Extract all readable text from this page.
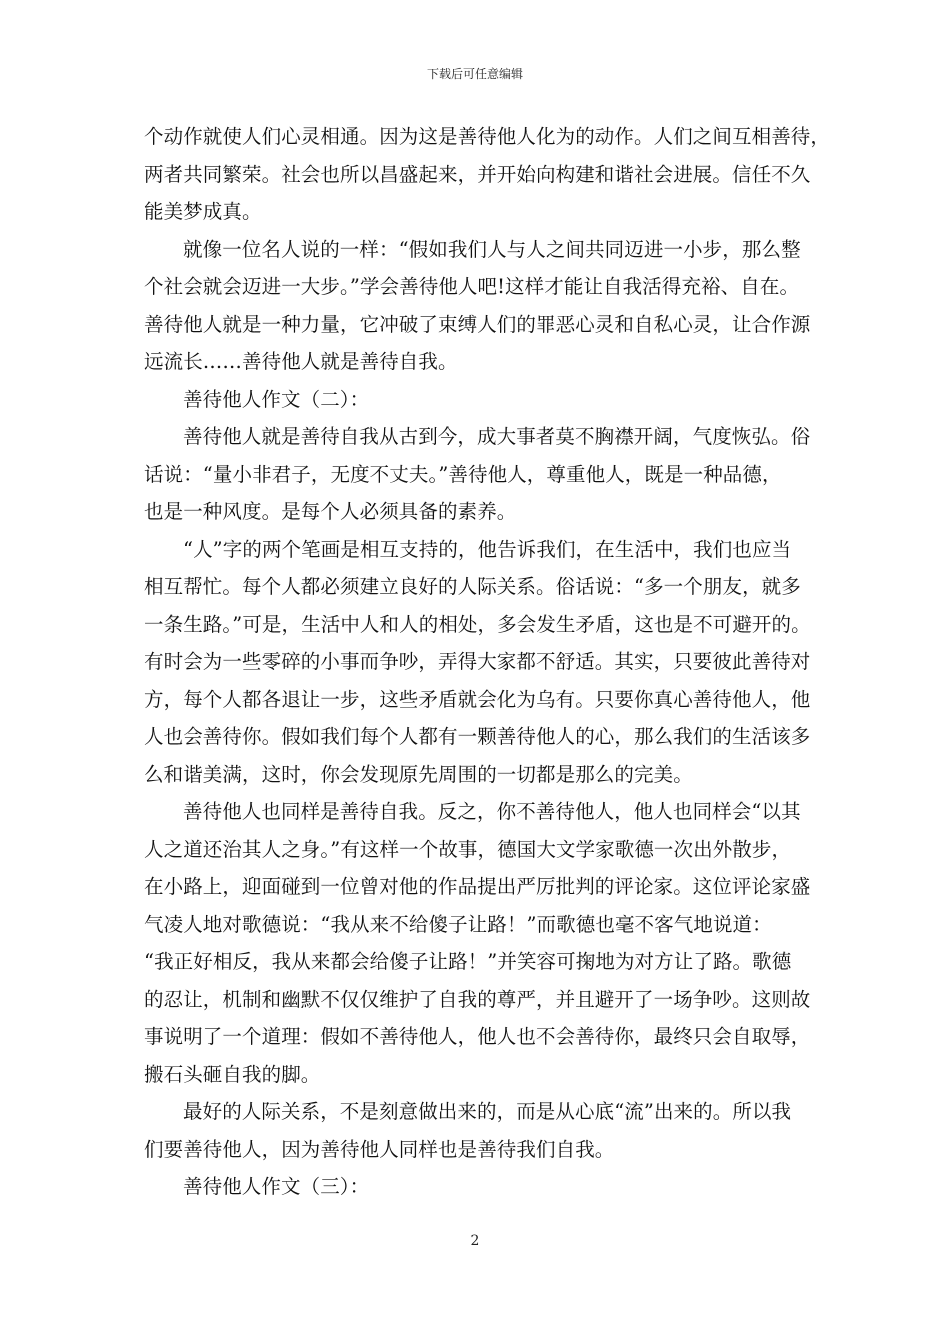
下载后可任意编辑
个动作就使人们心灵相通。因为这是善待他人化为的动作。人们之间互相善待，
两者共同繁荣。社会也所以昌盛起来，并开始向构建和谐社会进展。信任不久
能美梦成真。
就像一位名人说的一样：“假如我们人与人之间共同迈进一小步，那么整
个社会就会迈进一大步。”学会善待他人吧!这样才能让自我活得充裕、自在。
善待他人就是一种力量，它冲破了束缚人们的罪恶心灵和自私心灵，让合作源
远流长……善待他人就是善待自我。
善待他人作文（二）：
善待他人就是善待自我从古到今，成大事者莫不胸襟开阔，气度恢弘。俗
话说：“量小非君子，无度不丈夫。”善待他人，尊重他人，既是一种品德，
也是一种风度。是每个人必须具备的素养。
“人”字的两个笔画是相互支持的，他告诉我们，在生活中，我们也应当
相互帮忙。每个人都必须建立良好的人际关系。俗话说：“多一个朋友，就多
一条生路。”可是，生活中人和人的相处，多会发生矛盾，这也是不可避开的。
有时会为一些零碎的小事而争吵，弄得大家都不舒适。其实，只要彼此善待对
方，每个人都各退让一步，这些矛盾就会化为乌有。只要你真心善待他人，他
人也会善待你。假如我们每个人都有一颗善待他人的心，那么我们的生活该多
么和谐美满，这时，你会发现原先周围的一切都是那么的完美。
善待他人也同样是善待自我。反之，你不善待他人，他人也同样会“以其
人之道还治其人之身。”有这样一个故事，德国大文学家歌德一次出外散步，
在小路上，迎面碰到一位曾对他的作品提出严厉批判的评论家。这位评论家盛
气凌人地对歌德说：“我从来不给傻子让路！”而歌德也毫不客气地说道：
“我正好相反，我从来都会给傻子让路！”并笑容可掬地为对方让了路。歌德
的忍让，机制和幽默不仅仅维护了自我的尊严，并且避开了一场争吵。这则故
事说明了一个道理：假如不善待他人，他人也不会善待你，最终只会自取辱，
搬石头砸自我的脚。
最好的人际关系，不是刻意做出来的，而是从心底“流”出来的。所以我
们要善待他人，因为善待他人同样也是善待我们自我。
善待他人作文（三）：
2
